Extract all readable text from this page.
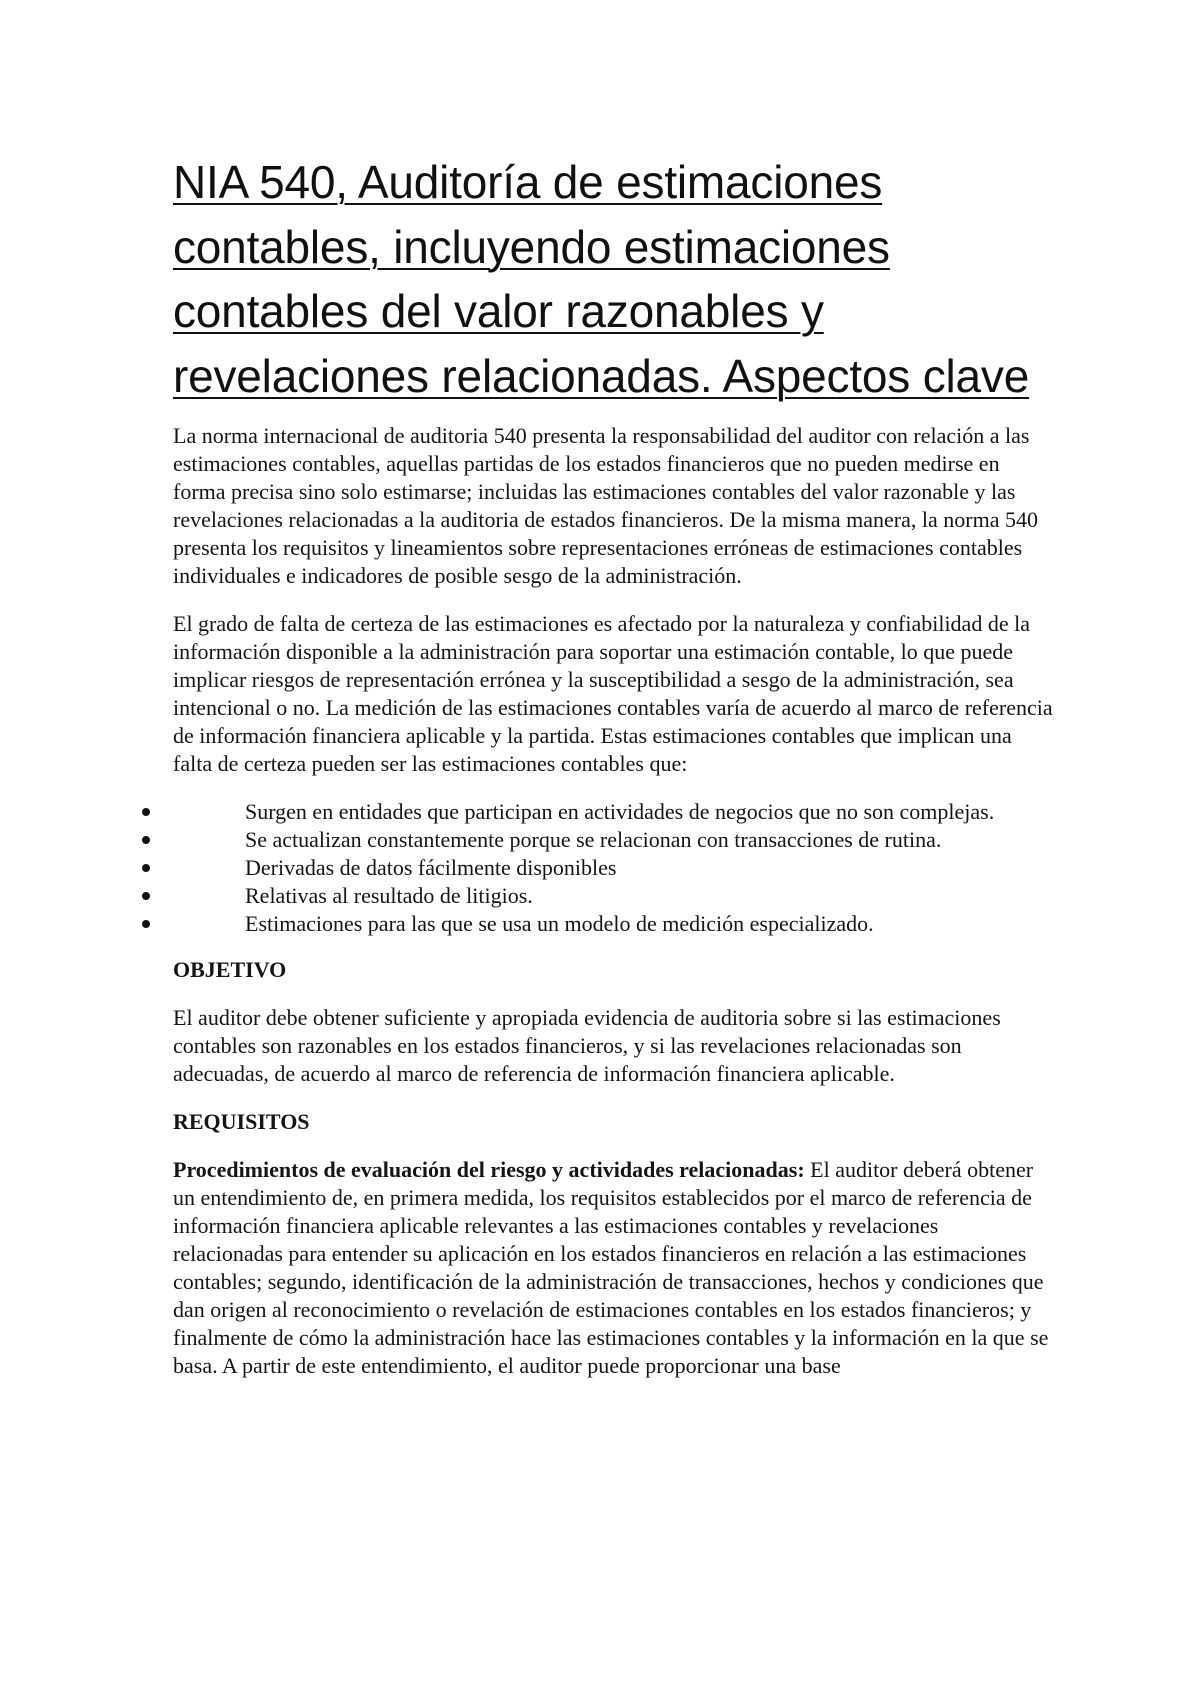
NIA 540, Auditoría de estimaciones contables, incluyendo estimaciones contables del valor razonables y revelaciones relacionadas. Aspectos clave

La norma internacional de auditoria 540 presenta la responsabilidad del auditor con relación a las estimaciones contables, aquellas partidas de los estados financieros que no pueden medirse en forma precisa sino solo estimarse; incluidas las estimaciones contables del valor razonable y las revelaciones relacionadas a la auditoria de estados financieros. De la misma manera, la norma 540 presenta los requisitos y lineamientos sobre representaciones erróneas de estimaciones contables individuales e indicadores de posible sesgo de la administración.

El grado de falta de certeza de las estimaciones es afectado por la naturaleza y confiabilidad de la información disponible a la administración para soportar una estimación contable, lo que puede implicar riesgos de representación errónea y la susceptibilidad a sesgo de la administración, sea intencional o no. La medición de las estimaciones contables varía de acuerdo al marco de referencia de información financiera aplicable y la partida. Estas estimaciones contables que implican una falta de certeza pueden ser las estimaciones contables que:

Surgen en entidades que participan en actividades de negocios que no son complejas.
Se actualizan constantemente porque se relacionan con transacciones de rutina.
Derivadas de datos fácilmente disponibles
Relativas al resultado de litigios.
Estimaciones para las que se usa un modelo de medición especializado.

OBJETIVO

El auditor debe obtener suficiente y apropiada evidencia de auditoria sobre si las estimaciones contables son razonables en los estados financieros, y si las revelaciones relacionadas son adecuadas, de acuerdo al marco de referencia de información financiera aplicable.

REQUISITOS

Procedimientos de evaluación del riesgo y actividades relacionadas: El auditor deberá obtener un entendimiento de, en primera medida, los requisitos establecidos por el marco de referencia de información financiera aplicable relevantes a las estimaciones contables y revelaciones relacionadas para entender su aplicación en los estados financieros en relación a las estimaciones contables; segundo, identificación de la administración de transacciones, hechos y condiciones que dan origen al reconocimiento o revelación de estimaciones contables en los estados financieros; y finalmente de cómo la administración hace las estimaciones contables y la información en la que se basa. A partir de este entendimiento, el auditor puede proporcionar una base
